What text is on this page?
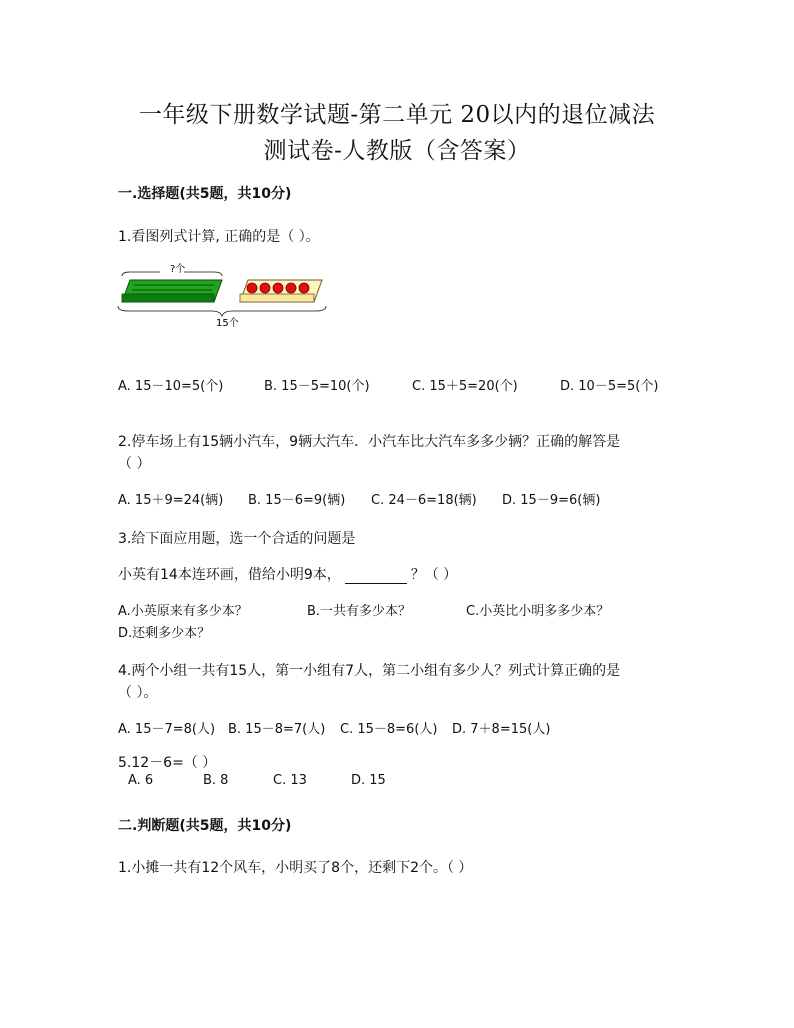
一年级下册数学试题-第二单元 20以内的退位减法
测试卷-人教版（含答案）
一.选择题(共5题，共10分)
1.看图列式计算, 正确的是（ ）。
?个
15个
A. 15－10=5(个)	B. 15－5=10(个)	C. 15＋5=20(个)	D. 10－5=5(个)
2.停车场上有15辆小汽车，9辆大汽车．小汽车比大汽车多多少辆？正确的解答是
（ ）
A. 15＋9=24(辆) B. 15－6=9(辆) C. 24－6=18(辆) D. 15－9=6(辆)
3.给下面应用题，选一个合适的问题是
小英有14本连环画，借给小明9本，	？（ ）
A.小英原来有多少本？	B.一共有多少本？	C.小英比小明多多少本？
D.还剩多少本？
4.两个小组一共有15人，第一小组有7人，第二小组有多少人？列式计算正确的是
（ ）。
A. 15－7=8(人) B. 15－8=7(人) C. 15－8=6(人) D. 7＋8=15(人)
5.12－6=（ ）
A. 6	B. 8	C. 13	D. 15
二.判断题(共5题，共10分)
1.小摊一共有12个风车，小明买了8个，还剩下2个。（ ）
